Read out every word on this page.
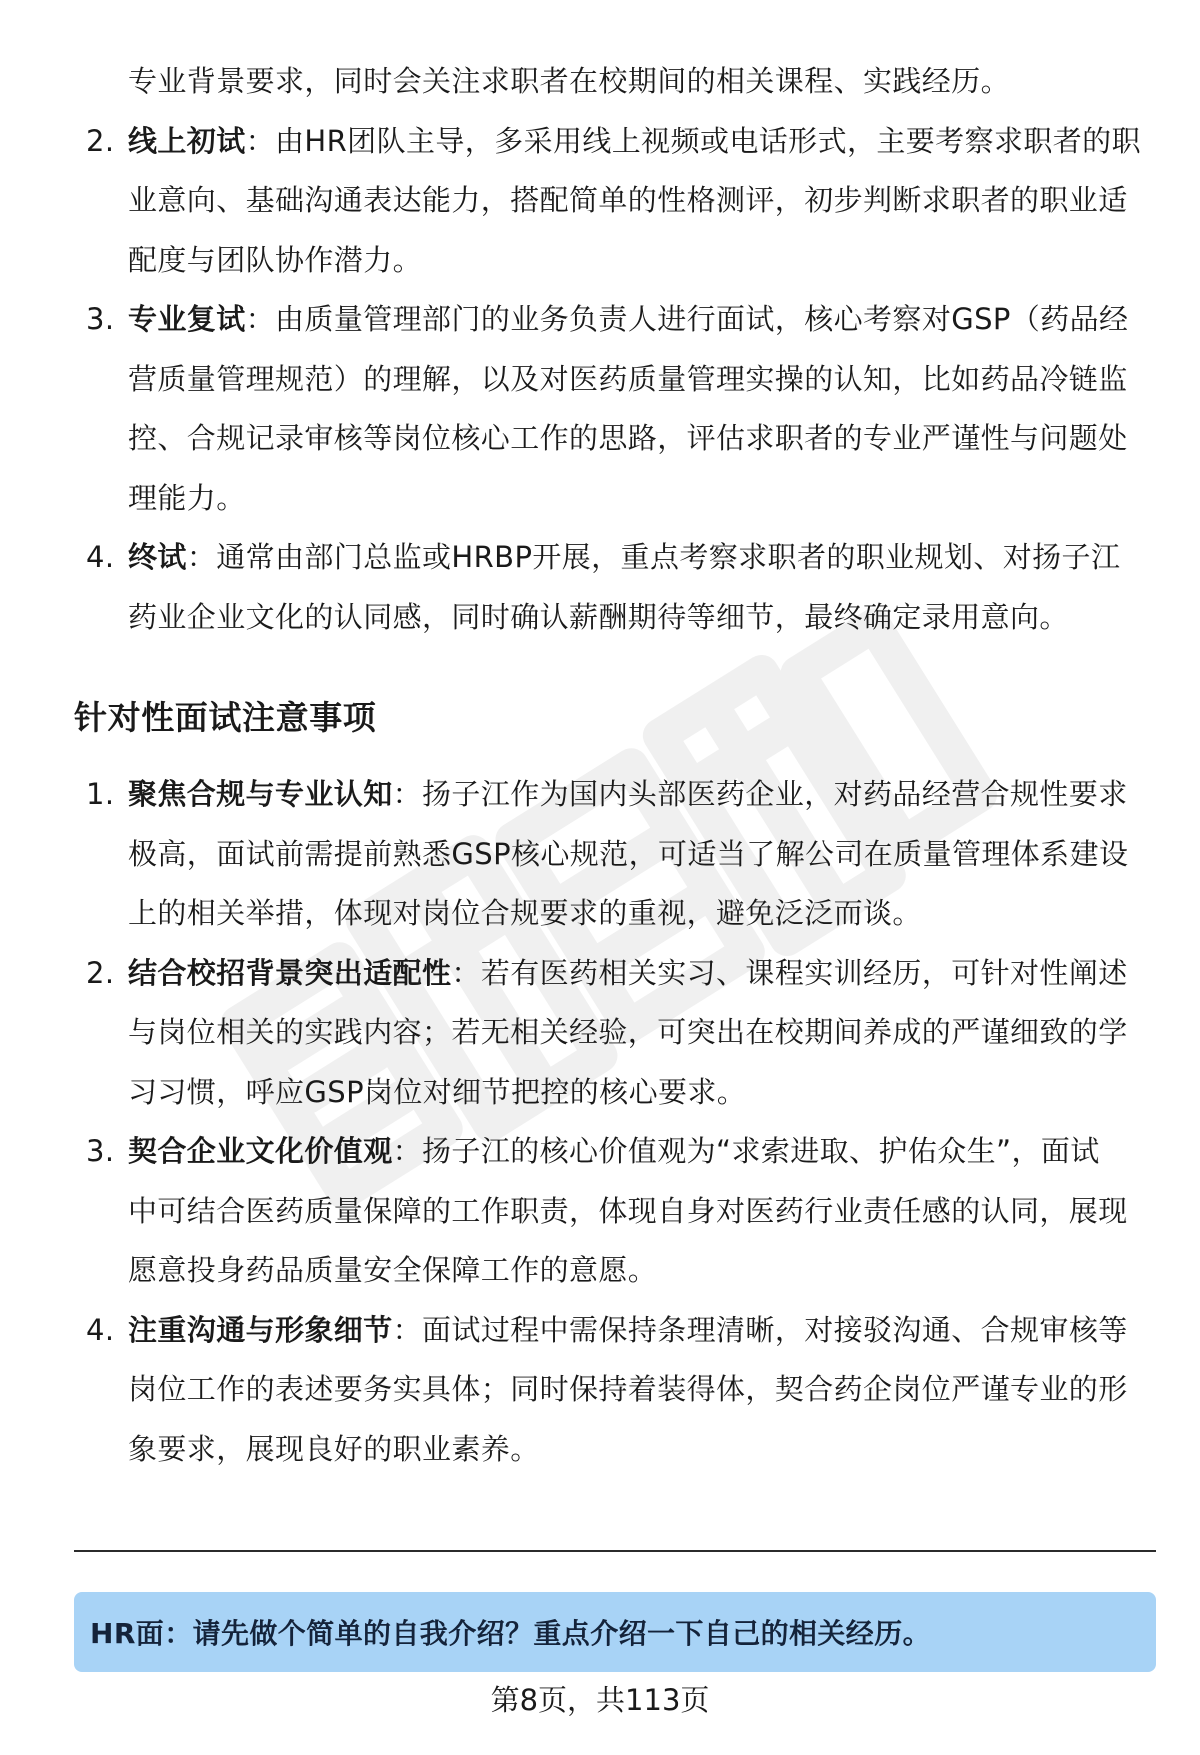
专业背景要求，同时会关注求职者在校期间的相关课程、实践经历。
2. 线上初试：由HR团队主导，多采用线上视频或电话形式，主要考察求职者的职
业意向、基础沟通表达能力，搭配简单的性格测评，初步判断求职者的职业适
配度与团队协作潜力。
3. 专业复试：由质量管理部门的业务负责人进行面试，核心考察对GSP（药品经
营质量管理规范）的理解，以及对医药质量管理实操的认知，比如药品冷链监
控、合规记录审核等岗位核心工作的思路，评估求职者的专业严谨性与问题处
理能力。
4. 终试：通常由部门总监或HRBP开展，重点考察求职者的职业规划、对扬子江
药业企业文化的认同感，同时确认薪酬期待等细节，最终确定录用意向。
针对性面试注意事项
1. 聚焦合规与专业认知：扬子江作为国内头部医药企业，对药品经营合规性要求
极高，面试前需提前熟悉GSP核心规范，可适当了解公司在质量管理体系建设
上的相关举措，体现对岗位合规要求的重视，避免泛泛而谈。
2. 结合校招背景突出适配性：若有医药相关实习、课程实训经历，可针对性阐述
与岗位相关的实践内容；若无相关经验，可突出在校期间养成的严谨细致的学
习习惯，呼应GSP岗位对细节把控的核心要求。
3. 契合企业文化价值观：扬子江的核心价值观为“求索进取、护佑众生”，面试
中可结合医药质量保障的工作职责，体现自身对医药行业责任感的认同，展现
愿意投身药品质量安全保障工作的意愿。
4. 注重沟通与形象细节：面试过程中需保持条理清晰，对接驳沟通、合规审核等
岗位工作的表述要务实具体；同时保持着装得体，契合药企岗位严谨专业的形
象要求，展现良好的职业素养。
HR面：请先做个简单的自我介绍？重点介绍一下自己的相关经历。
第8页，共113页
